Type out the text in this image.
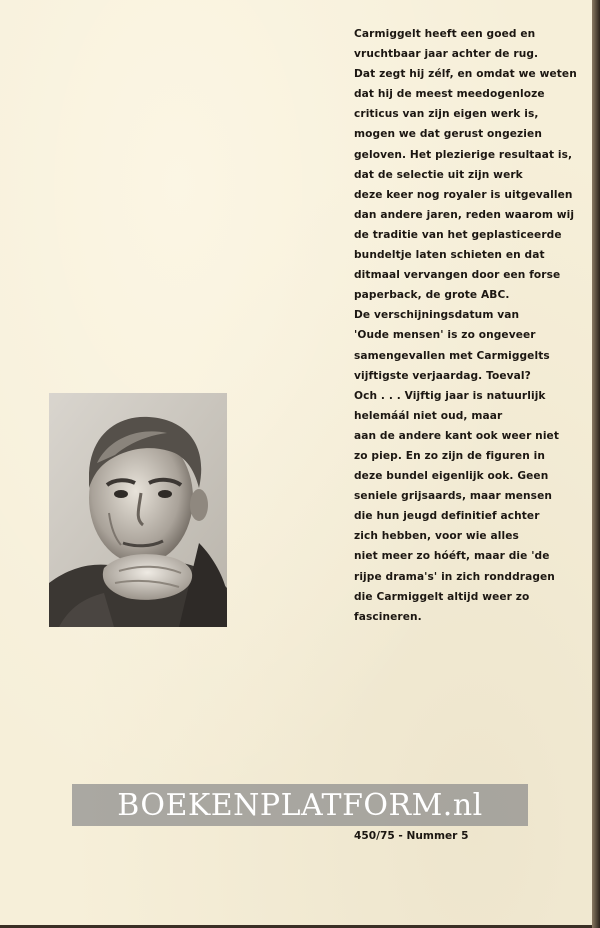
Carmiggelt heeft een goed en
vruchtbaar jaar achter de rug.
Dat zegt hij zélf, en omdat we weten
dat hij de meest meedogenloze
criticus van zijn eigen werk is,
mogen we dat gerust ongezien
geloven. Het plezierige resultaat is,
dat de selectie uit zijn werk
deze keer nog royaler is uitgevallen
dan andere jaren, reden waarom wij
de traditie van het geplasticeerde
bundeltje laten schieten en dat
ditmaal vervangen door een forse
paperback, de grote ABC.
De verschijningsdatum van
'Oude mensen' is zo ongeveer
samengevallen met Carmiggelts
vijftigste verjaardag. Toeval?
Och . . . Vijftig jaar is natuurlijk
helemáál niet oud, maar
aan de andere kant ook weer niet
zo piep. En zo zijn de figuren in
deze bundel eigenlijk ook. Geen
seniele grijsaards, maar mensen
die hun jeugd definitief achter
zich hebben, voor wie alles
niet meer zo hóéft, maar die 'de
rijpe drama's' in zich ronddragen
die Carmiggelt altijd weer zo
fascineren.
450/75 - Nummer 5
BOEKENPLATFORM.nl
